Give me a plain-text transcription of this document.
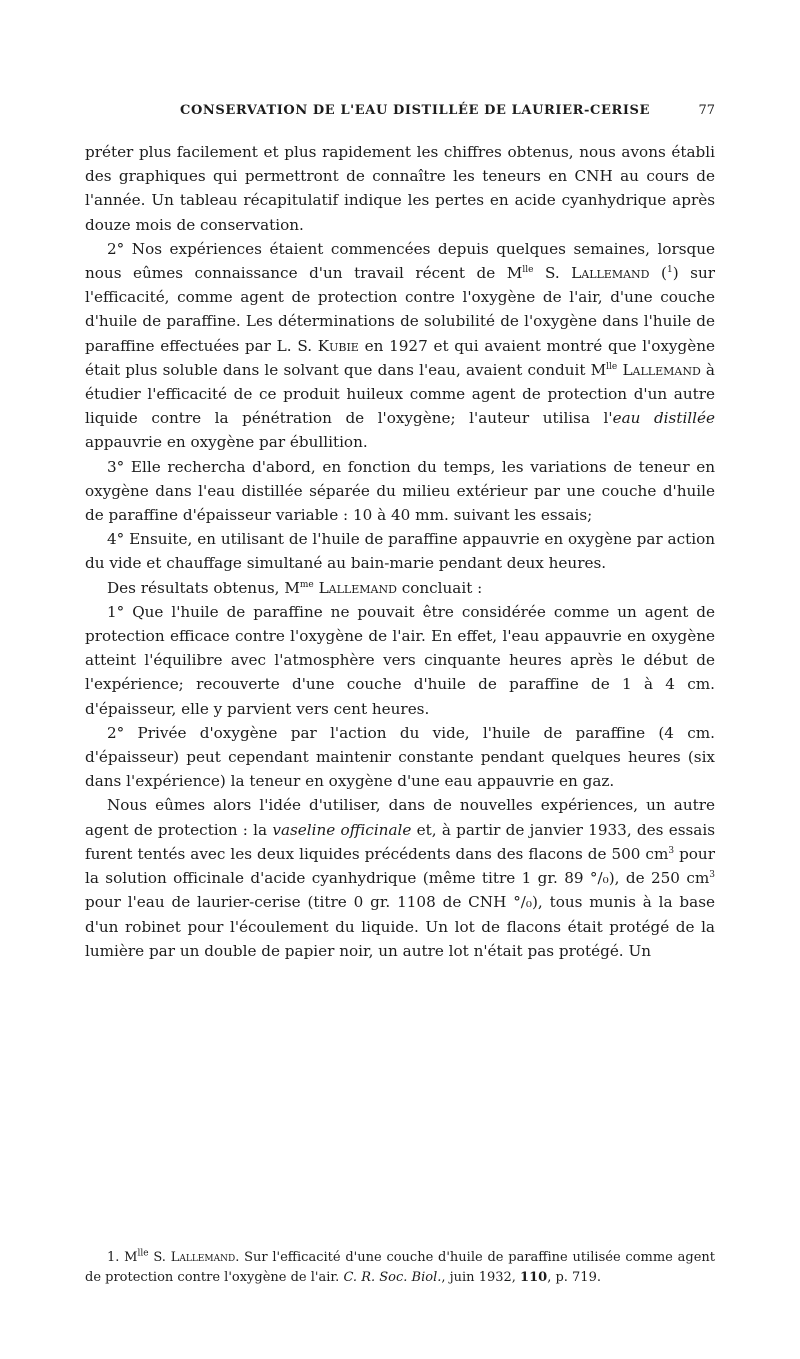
CONSERVATION DE L'EAU DISTILLÉE DE LAURIER-CERISE	77

préter plus facilement et plus rapidement les chiffres obtenus, nous avons établi des graphiques qui permettront de connaître les teneurs en CNH au cours de l'année. Un tableau récapitulatif indique les pertes en acide cyanhydrique après douze mois de conservation.

2° Nos expériences étaient commencées depuis quelques semaines, lorsque nous eûmes connaissance d'un travail récent de $M^{lle}$ S. Lallemand ($^1$) sur l'efficacité, comme agent de protection contre l'oxygène de l'air, d'une couche d'huile de paraffine. Les déterminations de solubilité de l'oxygène dans l'huile de paraffine effectuées par L. S. Kubie en 1927 et qui avaient montré que l'oxygène était plus soluble dans le solvant que dans l'eau, avaient conduit $M^{lle}$ Lallemand à étudier l'efficacité de ce produit huileux comme agent de protection d'un autre liquide contre la pénétration de l'oxygène; l'auteur utilisa l'eau distillée appauvrie en oxygène par ébullition.

3° Elle rechercha d'abord, en fonction du temps, les variations de teneur en oxygène dans l'eau distillée séparée du milieu extérieur par une couche d'huile de paraffine d'épaisseur variable : 10 à 40 mm. suivant les essais;

4° Ensuite, en utilisant de l'huile de paraffine appauvrie en oxygène par action du vide et chauffage simultané au bain-marie pendant deux heures.

Des résultats obtenus, $M^{me}$ Lallemand concluait :

1° Que l'huile de paraffine ne pouvait être considérée comme un agent de protection efficace contre l'oxygène de l'air. En effet, l'eau appauvrie en oxygène atteint l'équilibre avec l'atmosphère vers cinquante heures après le début de l'expérience; recouverte d'une couche d'huile de paraffine de 1 à 4 cm. d'épaisseur, elle y parvient vers cent heures.

2° Privée d'oxygène par l'action du vide, l'huile de paraffine (4 cm. d'épaisseur) peut cependant maintenir constante pendant quelques heures (six dans l'expérience) la teneur en oxygène d'une eau appauvrie en gaz.

Nous eûmes alors l'idée d'utiliser, dans de nouvelles expériences, un autre agent de protection : la vaseline officinale et, à partir de janvier 1933, des essais furent tentés avec les deux liquides précédents dans des flacons de 500 $cm^3$ pour la solution officinale d'acide cyanhydrique (même titre 1 gr. 89 °/₀), de 250 $cm^3$ pour l'eau de laurier-cerise (titre 0 gr. 1108 de CNH °/₀), tous munis à la base d'un robinet pour l'écoulement du liquide. Un lot de flacons était protégé de la lumière par un double de papier noir, un autre lot n'était pas protégé. Un

1. $M^{lle}$ S. Lallemand. Sur l'efficacité d'une couche d'huile de paraffine utilisée comme agent de protection contre l'oxygène de l'air. C. R. Soc. Biol., juin 1932, 110, p. 719.
